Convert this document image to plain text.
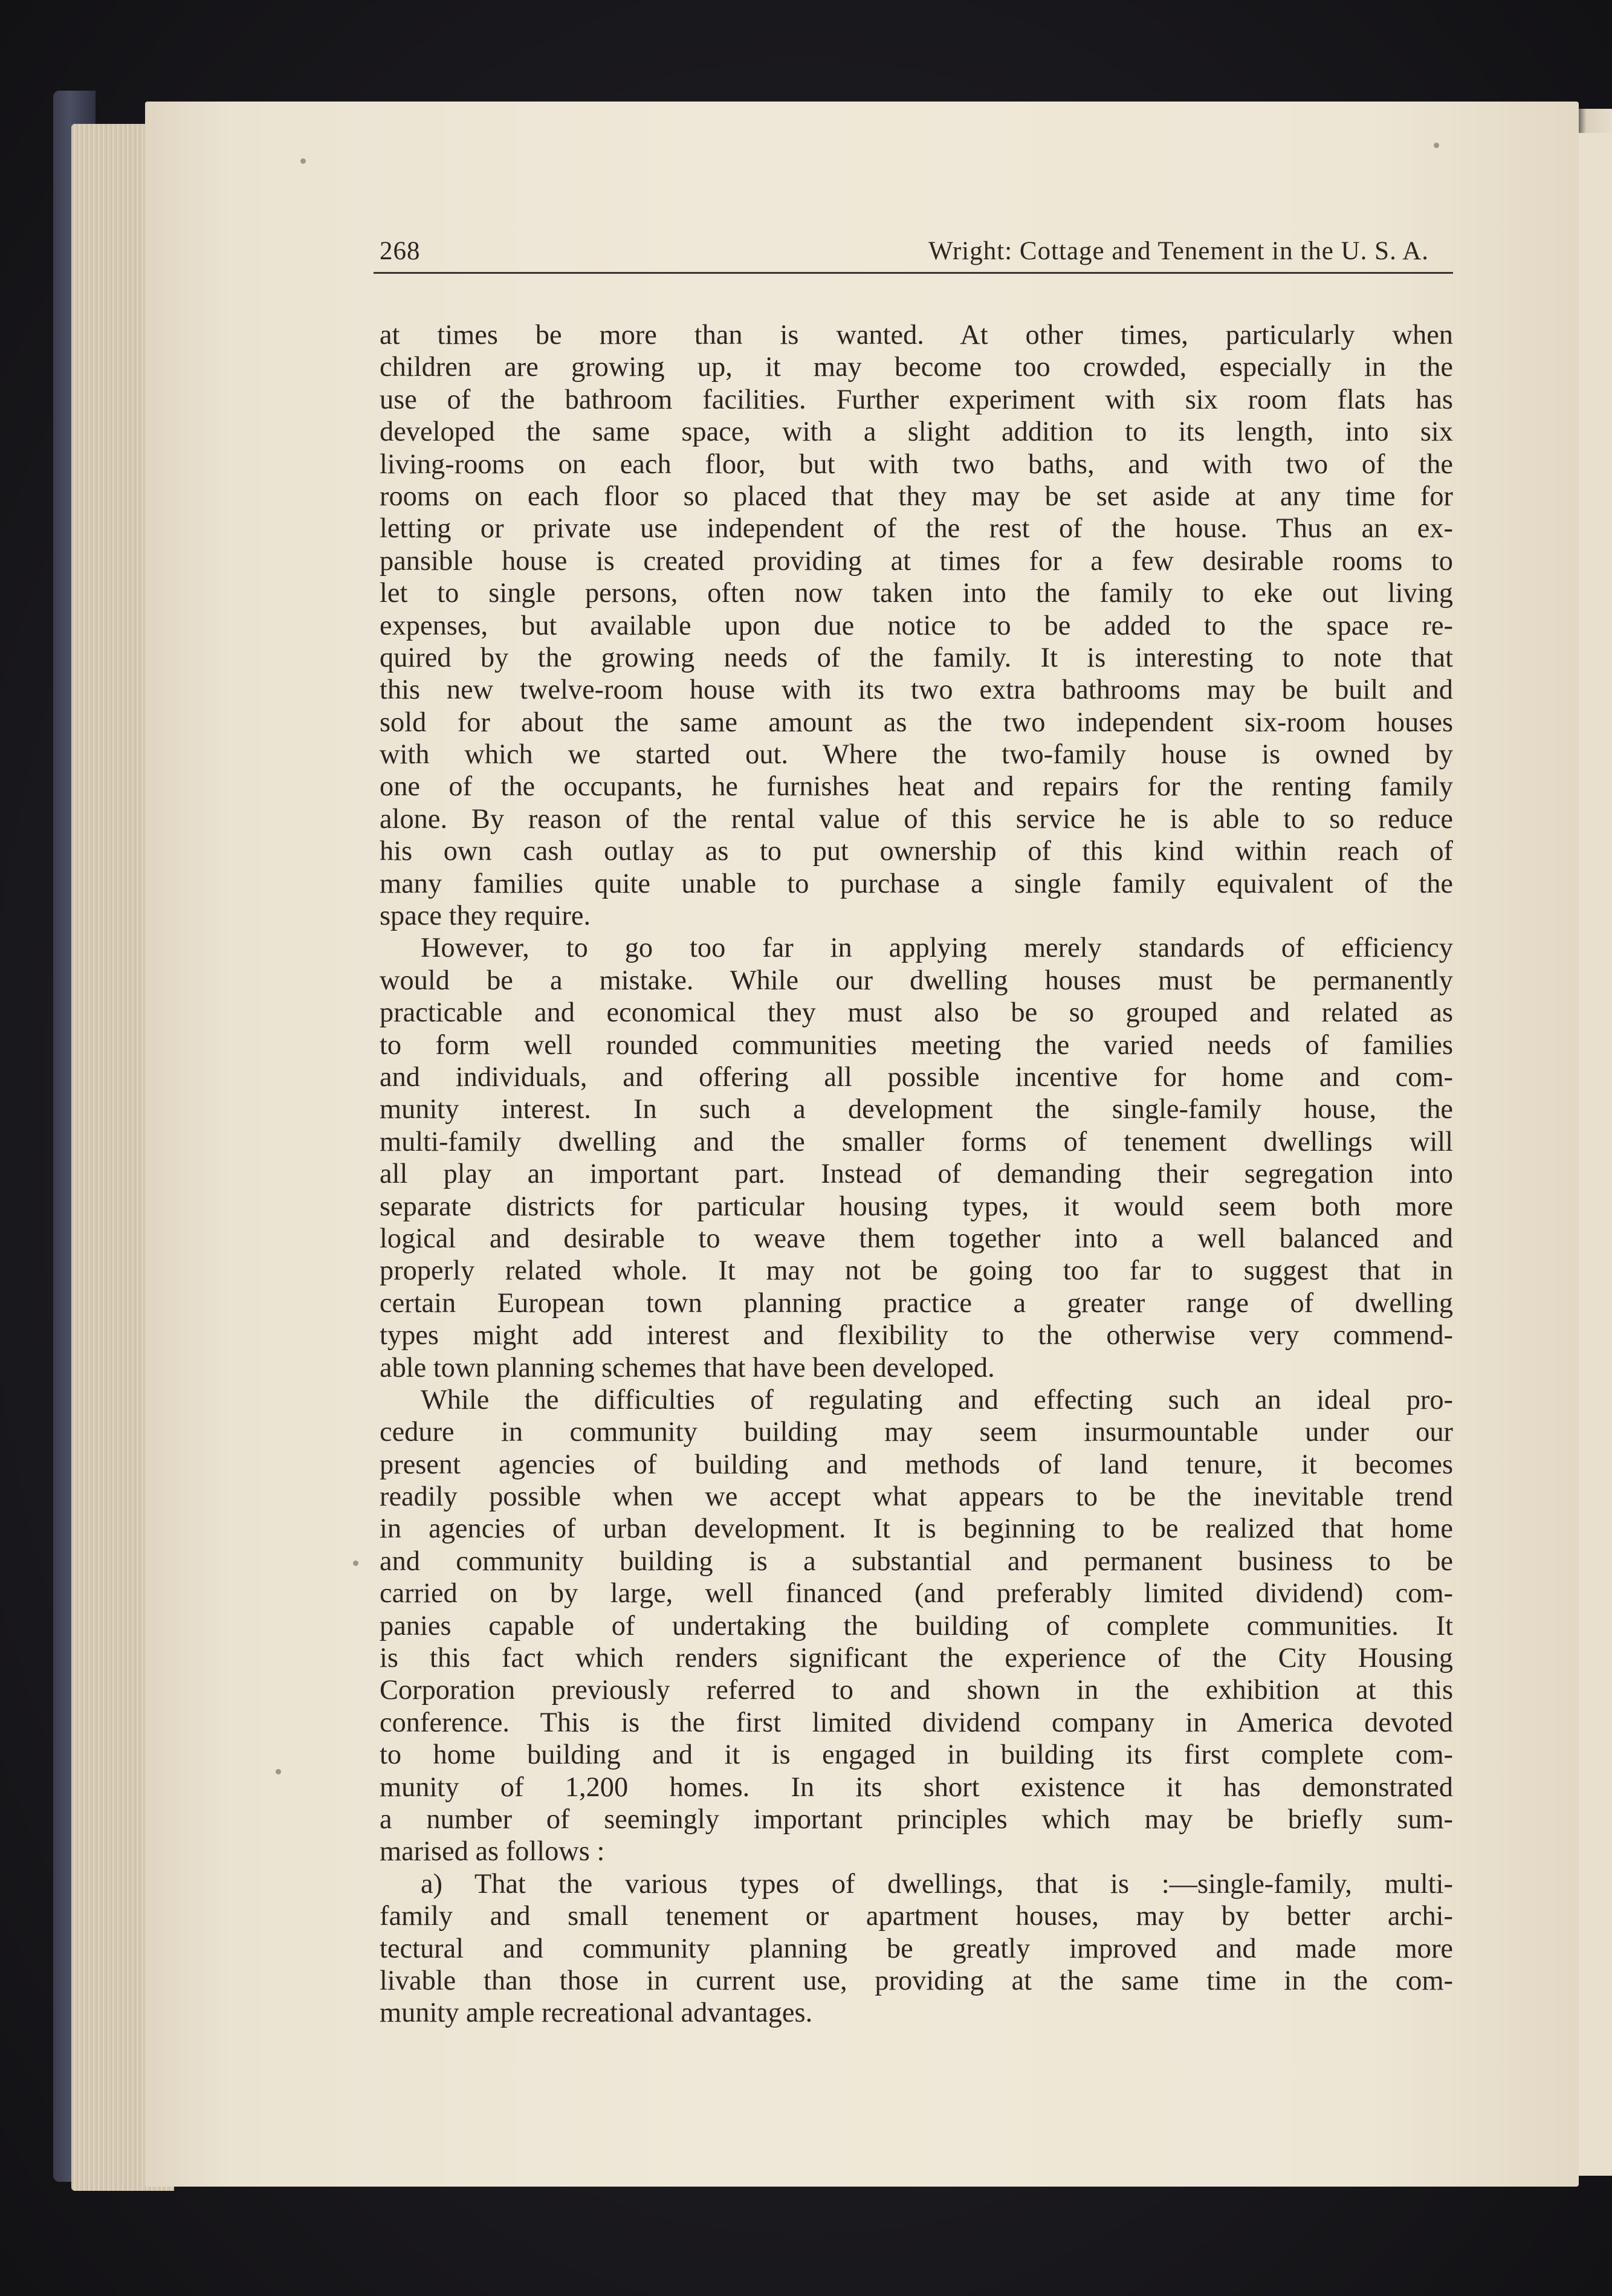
268	Wright: Cottage and Tenement in the U. S. A.
at times be more than is wanted. At other times, particularly when
children are growing up, it may become too crowded, especially in the
use of the bathroom facilities. Further experiment with six room flats has
developed the same space, with a slight addition to its length, into six
living-rooms on each floor, but with two baths, and with two of the
rooms on each floor so placed that they may be set aside at any time for
letting or private use independent of the rest of the house. Thus an ex-
pansible house is created providing at times for a few desirable rooms to
let to single persons, often now taken into the family to eke out living
expenses, but available upon due notice to be added to the space re-
quired by the growing needs of the family. It is interesting to note that
this new twelve-room house with its two extra bathrooms may be built and
sold for about the same amount as the two independent six-room houses
with which we started out. Where the two-family house is owned by
one of the occupants, he furnishes heat and repairs for the renting family
alone. By reason of the rental value of this service he is able to so reduce
his own cash outlay as to put ownership of this kind within reach of
many families quite unable to purchase a single family equivalent of the
space they require.
However, to go too far in applying merely standards of efficiency
would be a mistake. While our dwelling houses must be permanently
practicable and economical they must also be so grouped and related as
to form well rounded communities meeting the varied needs of families
and individuals, and offering all possible incentive for home and com-
munity interest. In such a development the single-family house, the
multi-family dwelling and the smaller forms of tenement dwellings will
all play an important part. Instead of demanding their segregation into
separate districts for particular housing types, it would seem both more
logical and desirable to weave them together into a well balanced and
properly related whole. It may not be going too far to suggest that in
certain European town planning practice a greater range of dwelling
types might add interest and flexibility to the otherwise very commend-
able town planning schemes that have been developed.
While the difficulties of regulating and effecting such an ideal pro-
cedure in community building may seem insurmountable under our
present agencies of building and methods of land tenure, it becomes
readily possible when we accept what appears to be the inevitable trend
in agencies of urban development. It is beginning to be realized that home
and community building is a substantial and permanent business to be
carried on by large, well financed (and preferably limited dividend) com-
panies capable of undertaking the building of complete communities. It
is this fact which renders significant the experience of the City Housing
Corporation previously referred to and shown in the exhibition at this
conference. This is the first limited dividend company in America devoted
to home building and it is engaged in building its first complete com-
munity of 1,200 homes. In its short existence it has demonstrated
a number of seemingly important principles which may be briefly sum-
marised as follows :
a) That the various types of dwellings, that is :—single-family, multi-
family and small tenement or apartment houses, may by better archi-
tectural and community planning be greatly improved and made more
livable than those in current use, providing at the same time in the com-
munity ample recreational advantages.
